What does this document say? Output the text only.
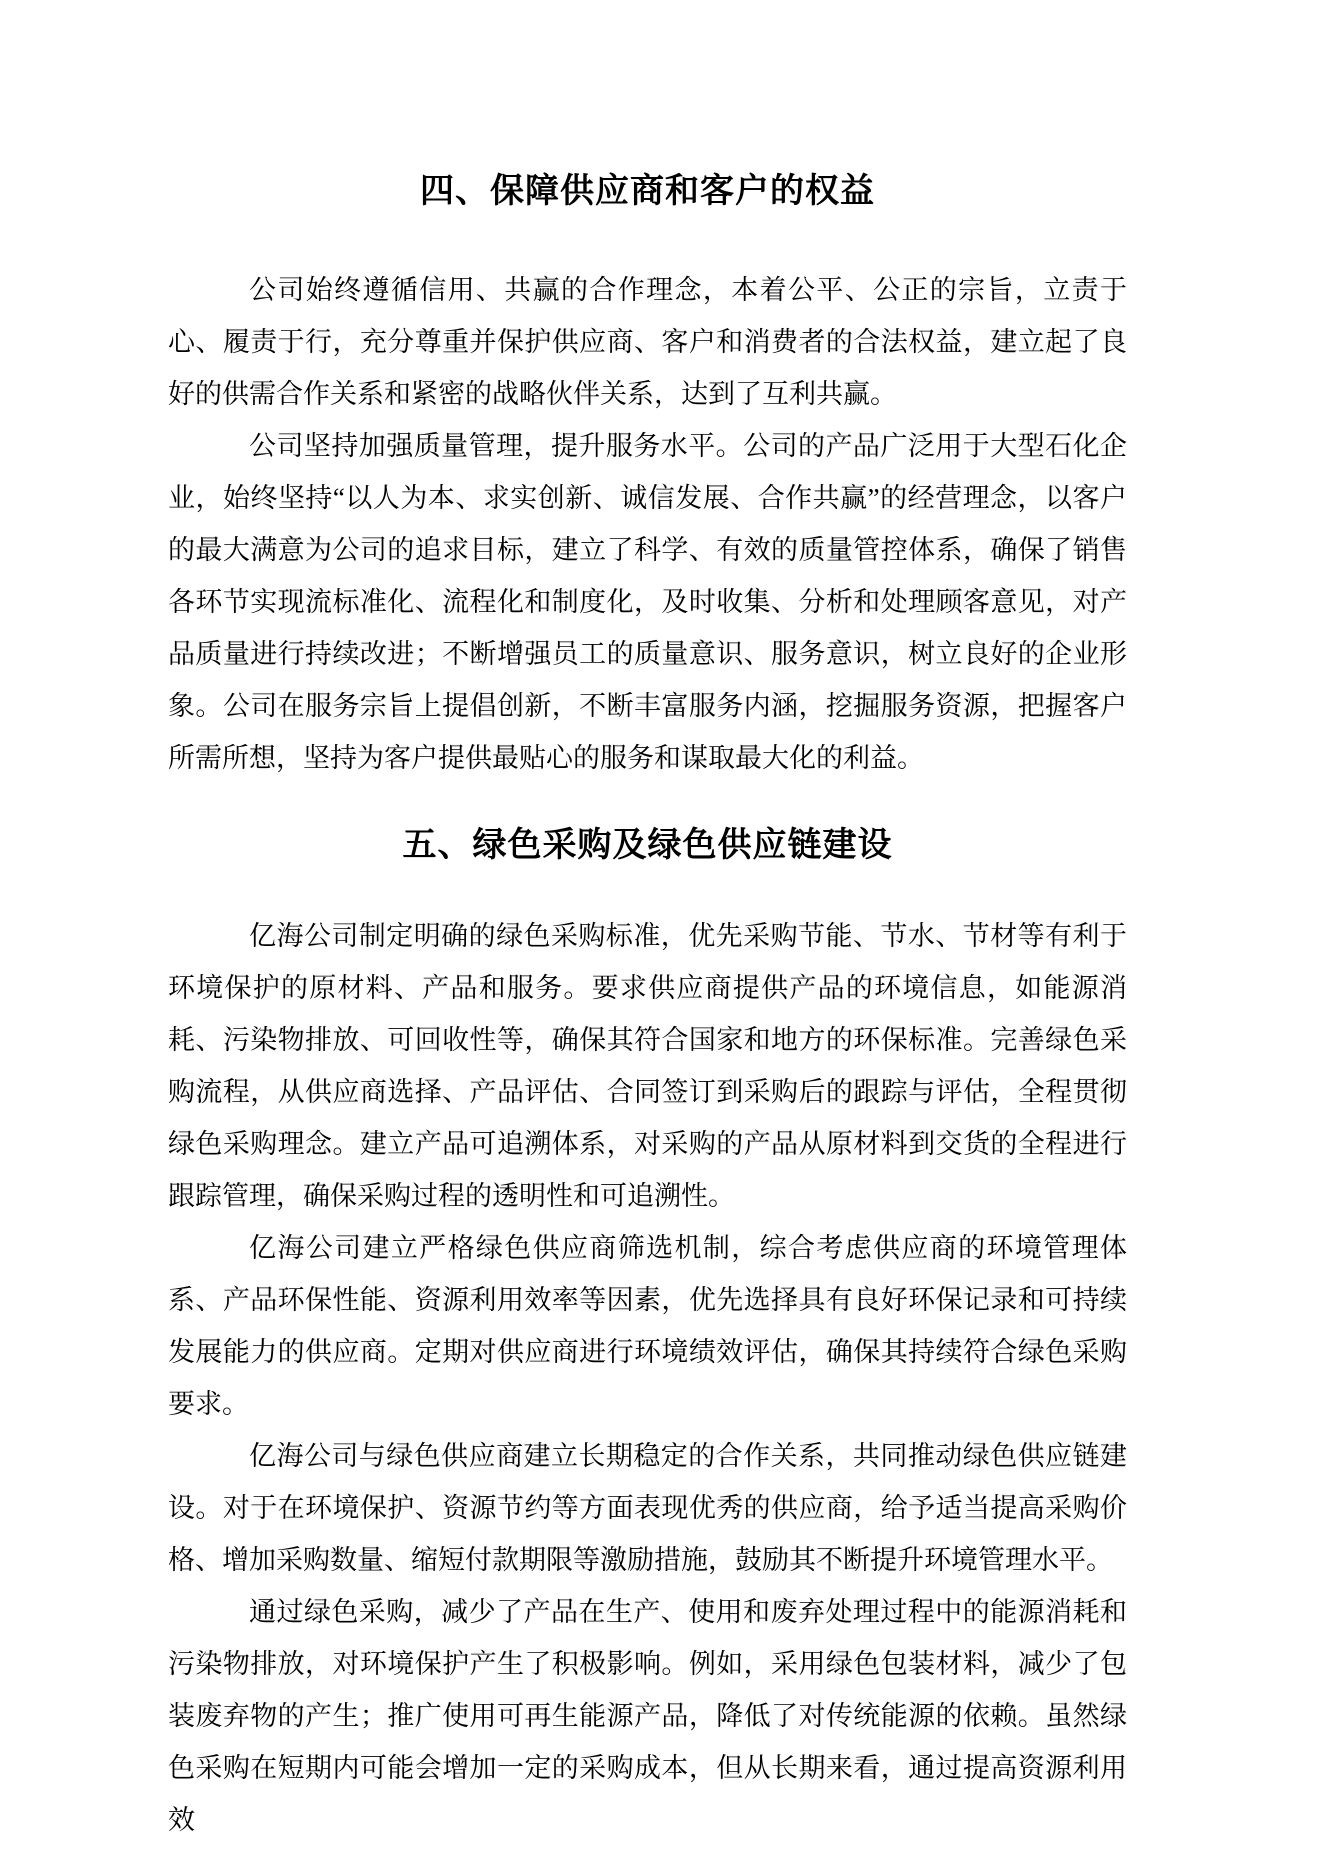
四、保障供应商和客户的权益

公司始终遵循信用、共赢的合作理念，本着公平、公正的宗旨，立责于心、履责于行，充分尊重并保护供应商、客户和消费者的合法权益，建立起了良好的供需合作关系和紧密的战略伙伴关系，达到了互利共赢。

公司坚持加强质量管理，提升服务水平。公司的产品广泛用于大型石化企业，始终坚持“以人为本、求实创新、诚信发展、合作共赢”的经营理念，以客户的最大满意为公司的追求目标，建立了科学、有效的质量管控体系，确保了销售各环节实现流标准化、流程化和制度化，及时收集、分析和处理顾客意见，对产品质量进行持续改进；不断增强员工的质量意识、服务意识，树立良好的企业形象。公司在服务宗旨上提倡创新，不断丰富服务内涵，挖掘服务资源，把握客户所需所想，坚持为客户提供最贴心的服务和谋取最大化的利益。

五、绿色采购及绿色供应链建设

亿海公司制定明确的绿色采购标准，优先采购节能、节水、节材等有利于环境保护的原材料、产品和服务。要求供应商提供产品的环境信息，如能源消耗、污染物排放、可回收性等，确保其符合国家和地方的环保标准。完善绿色采购流程，从供应商选择、产品评估、合同签订到采购后的跟踪与评估，全程贯彻绿色采购理念。建立产品可追溯体系，对采购的产品从原材料到交货的全程进行跟踪管理，确保采购过程的透明性和可追溯性。

亿海公司建立严格绿色供应商筛选机制，综合考虑供应商的环境管理体系、产品环保性能、资源利用效率等因素，优先选择具有良好环保记录和可持续发展能力的供应商。定期对供应商进行环境绩效评估，确保其持续符合绿色采购要求。

亿海公司与绿色供应商建立长期稳定的合作关系，共同推动绿色供应链建设。对于在环境保护、资源节约等方面表现优秀的供应商，给予适当提高采购价格、增加采购数量、缩短付款期限等激励措施，鼓励其不断提升环境管理水平。

通过绿色采购，减少了产品在生产、使用和废弃处理过程中的能源消耗和污染物排放，对环境保护产生了积极影响。例如，采用绿色包装材料，减少了包装废弃物的产生；推广使用可再生能源产品，降低了对传统能源的依赖。虽然绿色采购在短期内可能会增加一定的采购成本，但从长期来看，通过提高资源利用效
